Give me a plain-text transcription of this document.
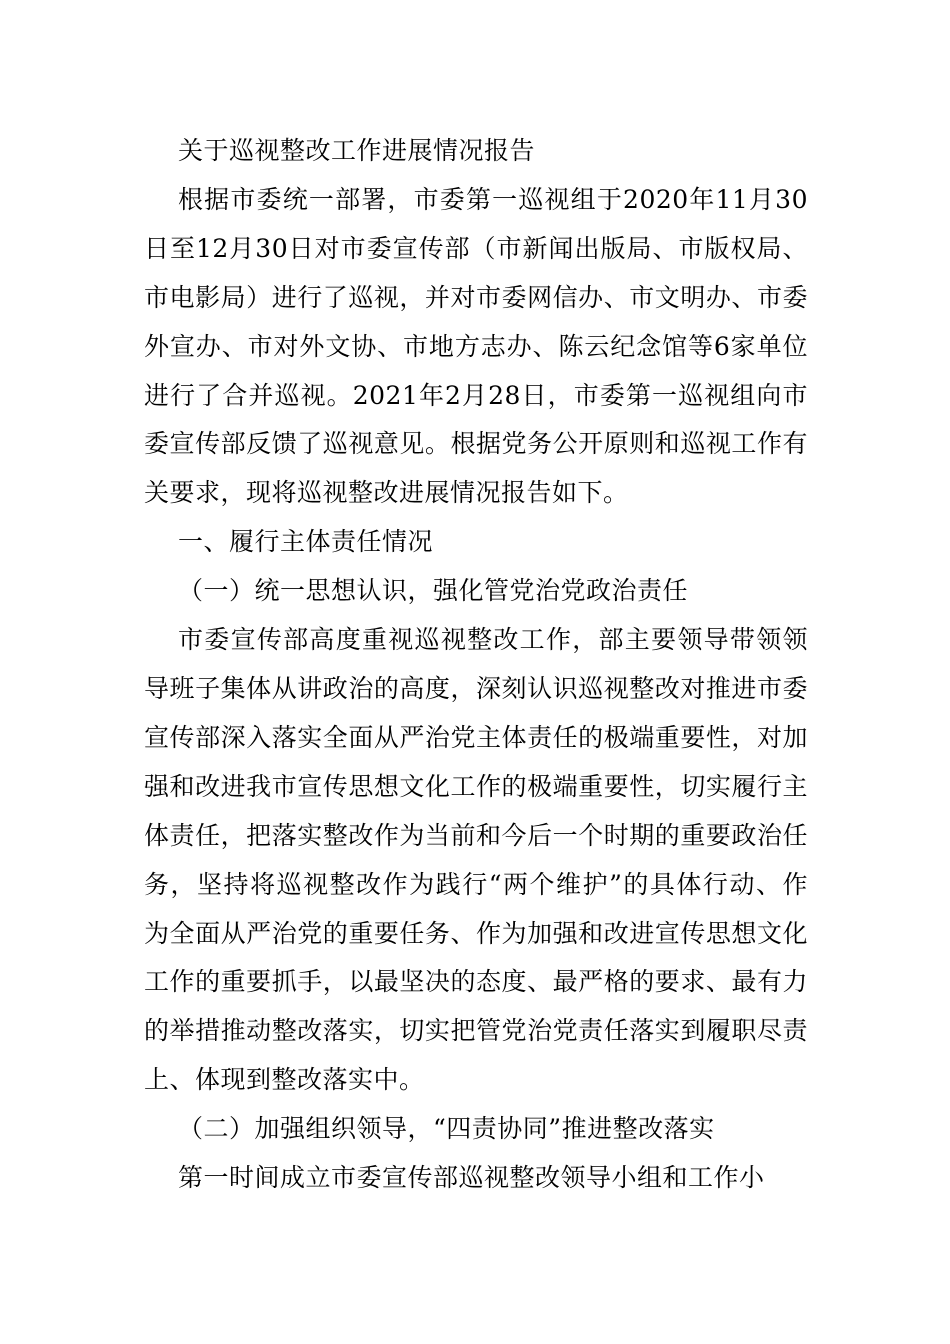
关于巡视整改工作进展情况报告

根据市委统一部署，市委第一巡视组于2020年11月30日至12月30日对市委宣传部（市新闻出版局、市版权局、市电影局）进行了巡视，并对市委网信办、市文明办、市委外宣办、市对外文协、市地方志办、陈云纪念馆等6家单位进行了合并巡视。2021年2月28日，市委第一巡视组向市委宣传部反馈了巡视意见。根据党务公开原则和巡视工作有关要求，现将巡视整改进展情况报告如下。

一、履行主体责任情况

（一）统一思想认识，强化管党治党政治责任

市委宣传部高度重视巡视整改工作，部主要领导带领领导班子集体从讲政治的高度，深刻认识巡视整改对推进市委宣传部深入落实全面从严治党主体责任的极端重要性，对加强和改进我市宣传思想文化工作的极端重要性，切实履行主体责任，把落实整改作为当前和今后一个时期的重要政治任务，坚持将巡视整改作为践行“两个维护”的具体行动、作为全面从严治党的重要任务、作为加强和改进宣传思想文化工作的重要抓手，以最坚决的态度、最严格的要求、最有力的举措推动整改落实，切实把管党治党责任落实到履职尽责上、体现到整改落实中。

（二）加强组织领导，“四责协同”推进整改落实

第一时间成立市委宣传部巡视整改领导小组和工作小
